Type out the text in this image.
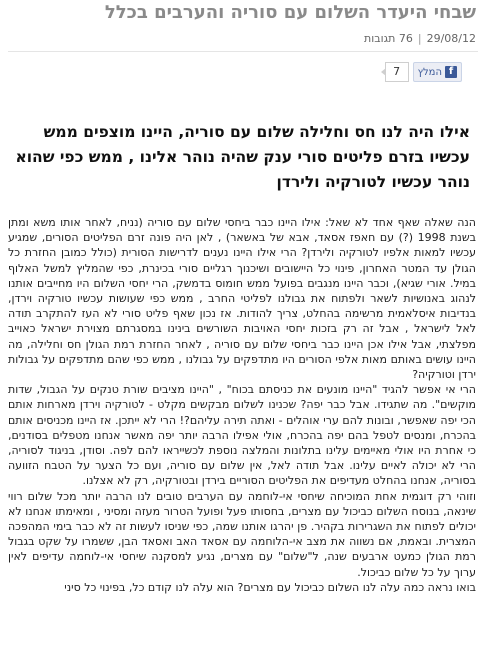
שבחי היעדר השלום עם סוריה והערבים בכלל
29/08/12|76 תגובות
f
המלץ
7
אילו היה לנו חס וחלילה שלום עם סוריה, היינו מוצפים ממש עכשיו בזרם פליטים סורי ענק שהיה נוהר אלינו , ממש כפי שהוא נוהר עכשיו לטורקיה ולירדן

הנה שאלה שאף אחד לא שאל: אילו היינו כבר ביחסי שלום עם סוריה (נניח, לאחר אותו משא ומתן בשנת 1998 (?) עם חאפז אסאד, אבא של באשאר) , לאן היה פונה זרם הפליטים הסורים, שמגיע עכשיו למאות אלפיו לטורקיה ולירדן? הרי אילו היינו נענים לדרישות הסורית (כולל כמובן החזרת כל הגולן עד המטר האחרון, פינוי כל היישובים ושיכנוך רגליים סורי בכינרת, כפי שהמליץ למשל האלוף במיל. אורי שגיא), וכבר היינו מנגבים בפועל ממש חומוס בדמשק, הרי יחסי השלום היו מחייבים אותנו לנהוג באנושיות לשאר ולפתוח את גבולנו לפליטי החרב , ממש כפי שעושות עכשיו טורקיה וירדן, בנדיבות איסלאמית מרשימה בהחלט, צריך להודות. אז נכון שאף פליט סורי לא העז להתקרב תודה לאל לישראל , אבל זה רק בזכות יחסי האויבות השורשים בינינו במסגרתם מצוירת ישראל כאוייב מפלצתי, אבל אילו אכן היינו כבר ביחסי שלום עם סוריה , לאחר החזרת רמת הגולן חס וחלילה, מה היינו עושים באותם מאות אלפי הסורים היו מתדפקים על גבולנו , ממש כפי שהם מתדפקים על גבולות ירדן וטורקיה?

הרי אי אפשר להגיד "היינו מונעים את כניסתם בכוח" , "היינו מציבים שורת טנקים על הגבול, שדות מוקשים". מה שתגידו. אבל כבר יפה? שכנינו לשלום מבקשים מקלט - לטורקיה וירדן מארחות אותם הכי יפה שאפשר, ובונות להם ערי אוהלים - ואתה תירה עליהם?! הרי לא ייתכן. אז היינו מכניסים אותם בהכרח, ומנסים לטפל בהם יפה בהכרח, אולי אפילו הרבה יותר יפה מאשר אנחנו מטפלים בסודנים, כי אחרת היו אולי מאיימים עלינו בתלונות והמלצה נוספת לכשייראו להם לפה. וסודן, בניגוד לסוריה, הרי לא יכולה לאיים עלינו. אבל תודה לאל, אין שלום עם סוריה, ועם כל הצער על הטבח הזוועה בסוריה, אנחנו בהחלט מעדיפים את הפליטים הסוריים בירדן ובטורקיה, רק לא אצלנו.

וזוהי רק דוגמית אחת המוכיחה שיחסי אי-לוחמה עם הערבים טובים לנו הרבה יותר מכל שלום רווי שינאה, בנוסח השלום כביכול עם מצרים, בחסותו פעל ופועל הטרור מעזה ומסיני , ומאימתו אנחנו לא יכולים לפתוח את השגרירות בקהיר. פן יהרגו אותנו שמה, כפי שניסו לעשות זה לא כבר בימי המהפכה המצרית. ובאמת, אם נשווה את מצב אי-הלוחמה עם אסאד האב ואסאד הבן, ששמרו על שקט בגבול רמת הגולן כמעט ארבעים שנה, ל"שלום" עם מצרים, נגיע למסקנה שיחסי אי-לוחמה עדיפים לאין ערוך על כל שלום כביכול.

בואו נראה כמה עלה לנו השלום כביכול עם מצרים? הוא עלה לנו קודם כל, בפינוי כל סיני
